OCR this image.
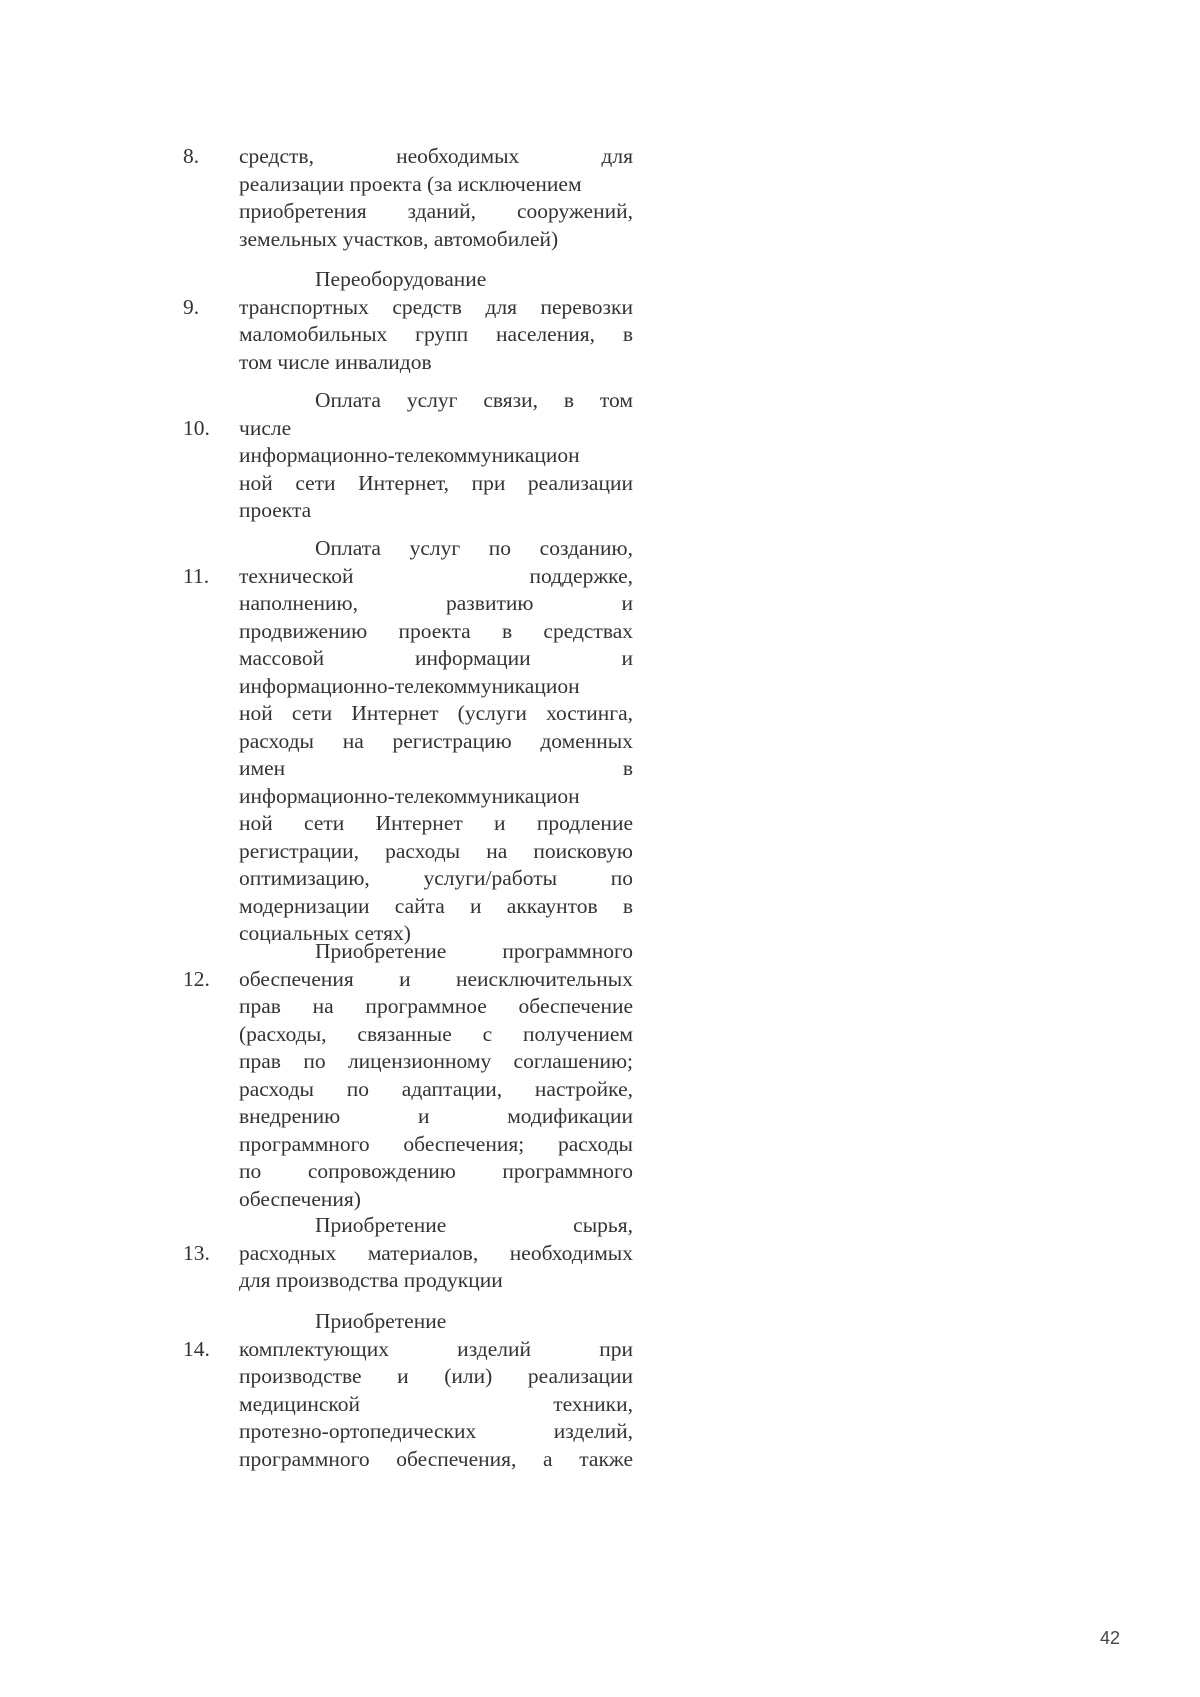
8.	средств, необходимых для
реализации проекта (за исключением
приобретения зданий, сооружений,
земельных участков, автомобилей)
9.
Переоборудование
транспортных средств для перевозки
маломобильных групп населения, в
том числе инвалидов
10.
Оплата услуг связи, в том
числе
информационно-телекоммуникацион
ной сети Интернет, при реализации
проекта
11.
Оплата услуг по созданию,
технической поддержке,
наполнению, развитию и
продвижению проекта в средствах
массовой информации и
информационно-телекоммуникацион
ной сети Интернет (услуги хостинга,
расходы на регистрацию доменных
имен в
информационно-телекоммуникацион
ной сети Интернет и продление
регистрации, расходы на поисковую
оптимизацию, услуги/работы по
модернизации сайта и аккаунтов в
социальных сетях)
12.
Приобретение программного
обеспечения и неисключительных
прав на программное обеспечение
(расходы, связанные с получением
прав по лицензионному соглашению;
расходы по адаптации, настройке,
внедрению и модификации
программного обеспечения; расходы
по сопровождению программного
обеспечения)
13.
Приобретение сырья,
расходных материалов, необходимых
для производства продукции
14.
Приобретение
комплектующих изделий при
производстве и (или) реализации
медицинской техники,
протезно-ортопедических изделий,
программного обеспечения, а также
42
